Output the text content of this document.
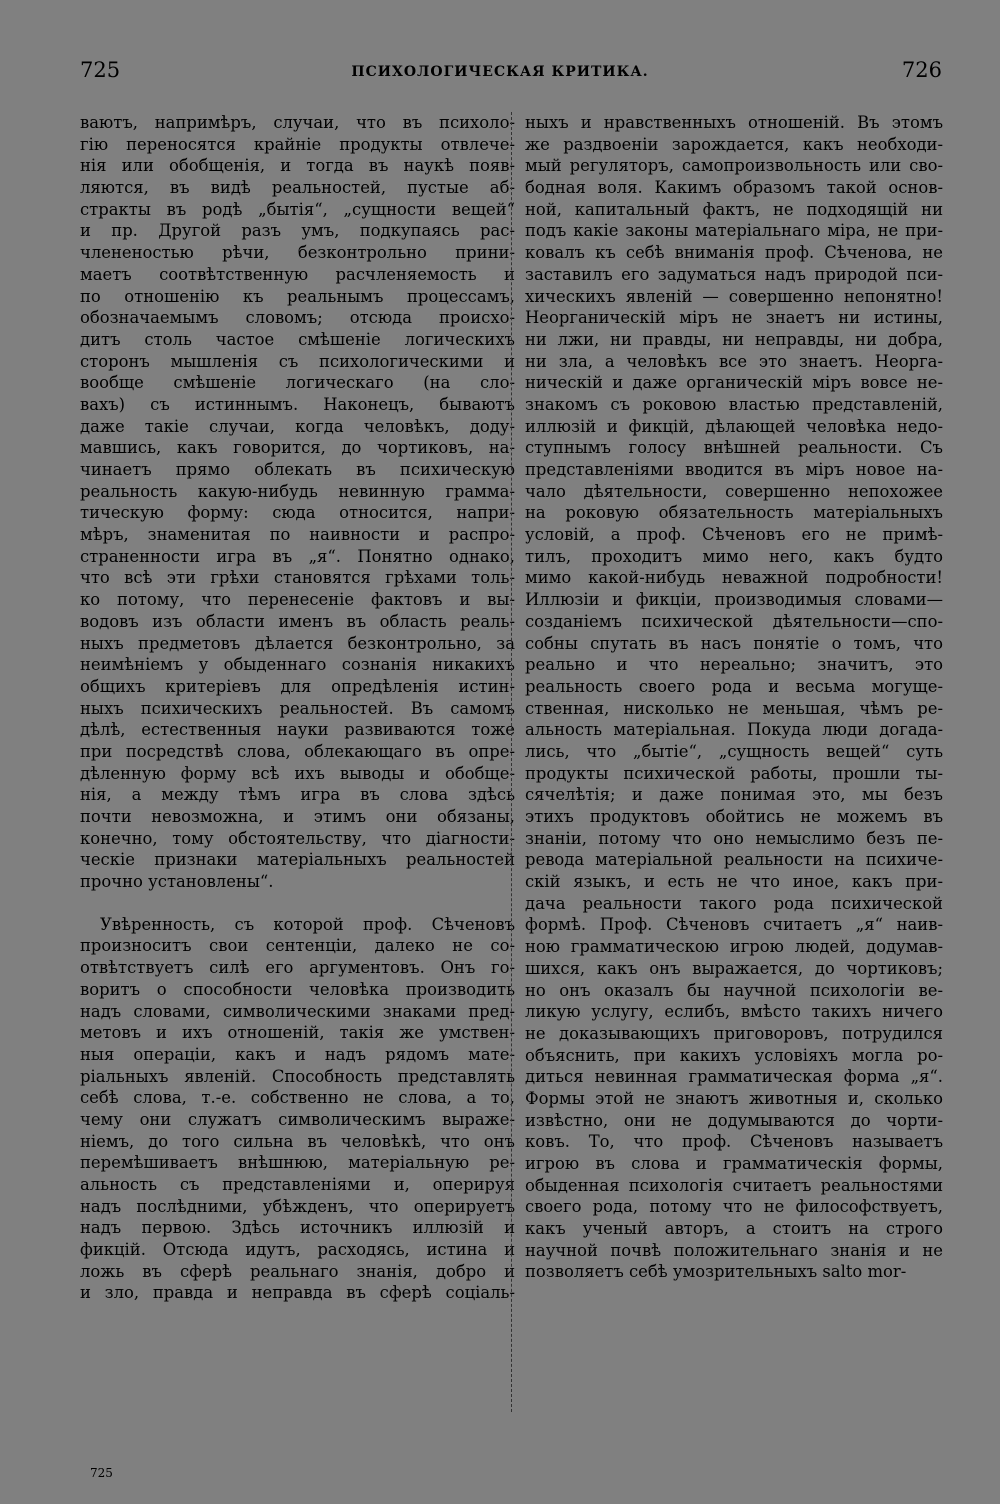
725	ПСИХОЛОГИЧЕСКАЯ КРИТИКА.	726
ваютъ, напримѣръ, случаи, что въ психоло-
гію переносятся крайніе продукты отвлече-
нія или обобщенія, и тогда въ наукѣ появ-
ляются, въ видѣ реальностей, пустые аб-
стракты въ родѣ „бытія“, „сущности вещей“
и пр. Другой разъ умъ, подкупаясь рас-
члененостью рѣчи, безконтрольно прини-
маетъ соотвѣтственную расчленяемость и
по отношенію къ реальнымъ процессамъ,
обозначаемымъ словомъ; отсюда происхо-
дитъ столь частое смѣшеніе логическихъ
сторонъ мышленія съ психологическими и
вообще смѣшеніе логическаго (на сло-
вахъ) съ истиннымъ. Наконецъ, бываютъ
даже такіе случаи, когда человѣкъ, доду-
мавшись, какъ говорится, до чортиковъ, на-
чинаетъ прямо облекать въ психическую
реальность какую-нибудь невинную грамма-
тическую форму: сюда относится, напри-
мѣръ, знаменитая по наивности и распро-
страненности игра въ „я“. Понятно однако,
что всѣ эти грѣхи становятся грѣхами толь-
ко потому, что перенесеніе фактовъ и вы-
водовъ изъ области именъ въ область реаль-
ныхъ предметовъ дѣлается безконтрольно, за
неимѣніемъ у обыденнаго сознанія никакихъ
общихъ критеріевъ для опредѣленія истин-
ныхъ психическихъ реальностей. Въ самомъ
дѣлѣ, естественныя науки развиваются тоже
при посредствѣ слова, облекающаго въ опре-
дѣленную форму всѣ ихъ выводы и обобще-
нія, а между тѣмъ игра въ слова здѣсь
почти невозможна, и этимъ они обязаны,
конечно, тому обстоятельству, что діагности-
ческіе признаки матеріальныхъ реальностей
прочно установлены“.
Увѣренность, съ которой проф. Сѣченовъ
произноситъ свои сентенціи, далеко не со-
отвѣтствуетъ силѣ его аргументовъ. Онъ го-
воритъ о способности человѣка производить
надъ словами, символическими знаками пред-
метовъ и ихъ отношеній, такія же умствен-
ныя операціи, какъ и надъ рядомъ мате-
ріальныхъ явленій. Способность представлять
себѣ слова, т.-е. собственно не слова, а то,
чему они служатъ символическимъ выраже-
ніемъ, до того сильна въ человѣкѣ, что онъ
перемѣшиваетъ внѣшнюю, матеріальную ре-
альность съ представленіями и, оперируя
надъ послѣдними, убѣжденъ, что оперируетъ
надъ первою. Здѣсь источникъ иллюзій и
фикцій. Отсюда идутъ, расходясь, истина и
ложь въ сферѣ реальнаго знанія, добро и
и зло, правда и неправда въ сферѣ соціаль-
ныхъ и нравственныхъ отношеній. Въ этомъ
же раздвоеніи зарождается, какъ необходи-
мый регуляторъ, самопроизвольность или сво-
бодная воля. Какимъ образомъ такой основ-
ной, капитальный фактъ, не подходящій ни
подъ какіе законы матеріальнаго міра, не при-
ковалъ къ себѣ вниманія проф. Сѣченова, не
заставилъ его задуматься надъ природой пси-
хическихъ явленій — совершенно непонятно!
Неорганическій міръ не знаетъ ни истины,
ни лжи, ни правды, ни неправды, ни добра,
ни зла, а человѣкъ все это знаетъ. Неорга-
ническій и даже органическій міръ вовсе не-
знакомъ съ роковою властью представленій,
иллюзій и фикцій, дѣлающей человѣка недо-
ступнымъ голосу внѣшней реальности. Съ
представленіями вводится въ міръ новое на-
чало дѣятельности, совершенно непохожее
на роковую обязательность матеріальныхъ
условій, а проф. Сѣченовъ его не примѣ-
тилъ, проходитъ мимо него, какъ будто
мимо какой-нибудь неважной подробности!
Иллюзіи и фикціи, производимыя словами—
созданіемъ психической дѣятельности—спо-
собны спутать въ насъ понятіе о томъ, что
реально и что нереально; значитъ, это
реальность своего рода и весьма могуще-
ственная, нисколько не меньшая, чѣмъ ре-
альность матеріальная. Покуда люди догада-
лись, что „бытіе“, „сущность вещей“ суть
продукты психической работы, прошли ты-
сячелѣтія; и даже понимая это, мы безъ
этихъ продуктовъ обойтись не можемъ въ
знаніи, потому что оно немыслимо безъ пе-
ревода матеріальной реальности на психиче-
скій языкъ, и есть не что иное, какъ при-
дача реальности такого рода психической
формѣ. Проф. Сѣченовъ считаетъ „я“ наив-
ною грамматическою игрою людей, додумав-
шихся, какъ онъ выражается, до чортиковъ;
но онъ оказалъ бы научной психологіи ве-
ликую услугу, еслибъ, вмѣсто такихъ ничего
не доказывающихъ приговоровъ, потрудился
объяснить, при какихъ условіяхъ могла ро-
диться невинная грамматическая форма „я“.
Формы этой не знаютъ животныя и, сколько
извѣстно, они не додумываются до чорти-
ковъ. То, что проф. Сѣченовъ называетъ
игрою въ слова и грамматическія формы,
обыденная психологія считаетъ реальностями
своего рода, потому что не философствуетъ,
какъ ученый авторъ, а стоитъ на строго
научной почвѣ положительнаго знанія и не
позволяетъ себѣ умозрительныхъ salto mor-
725
